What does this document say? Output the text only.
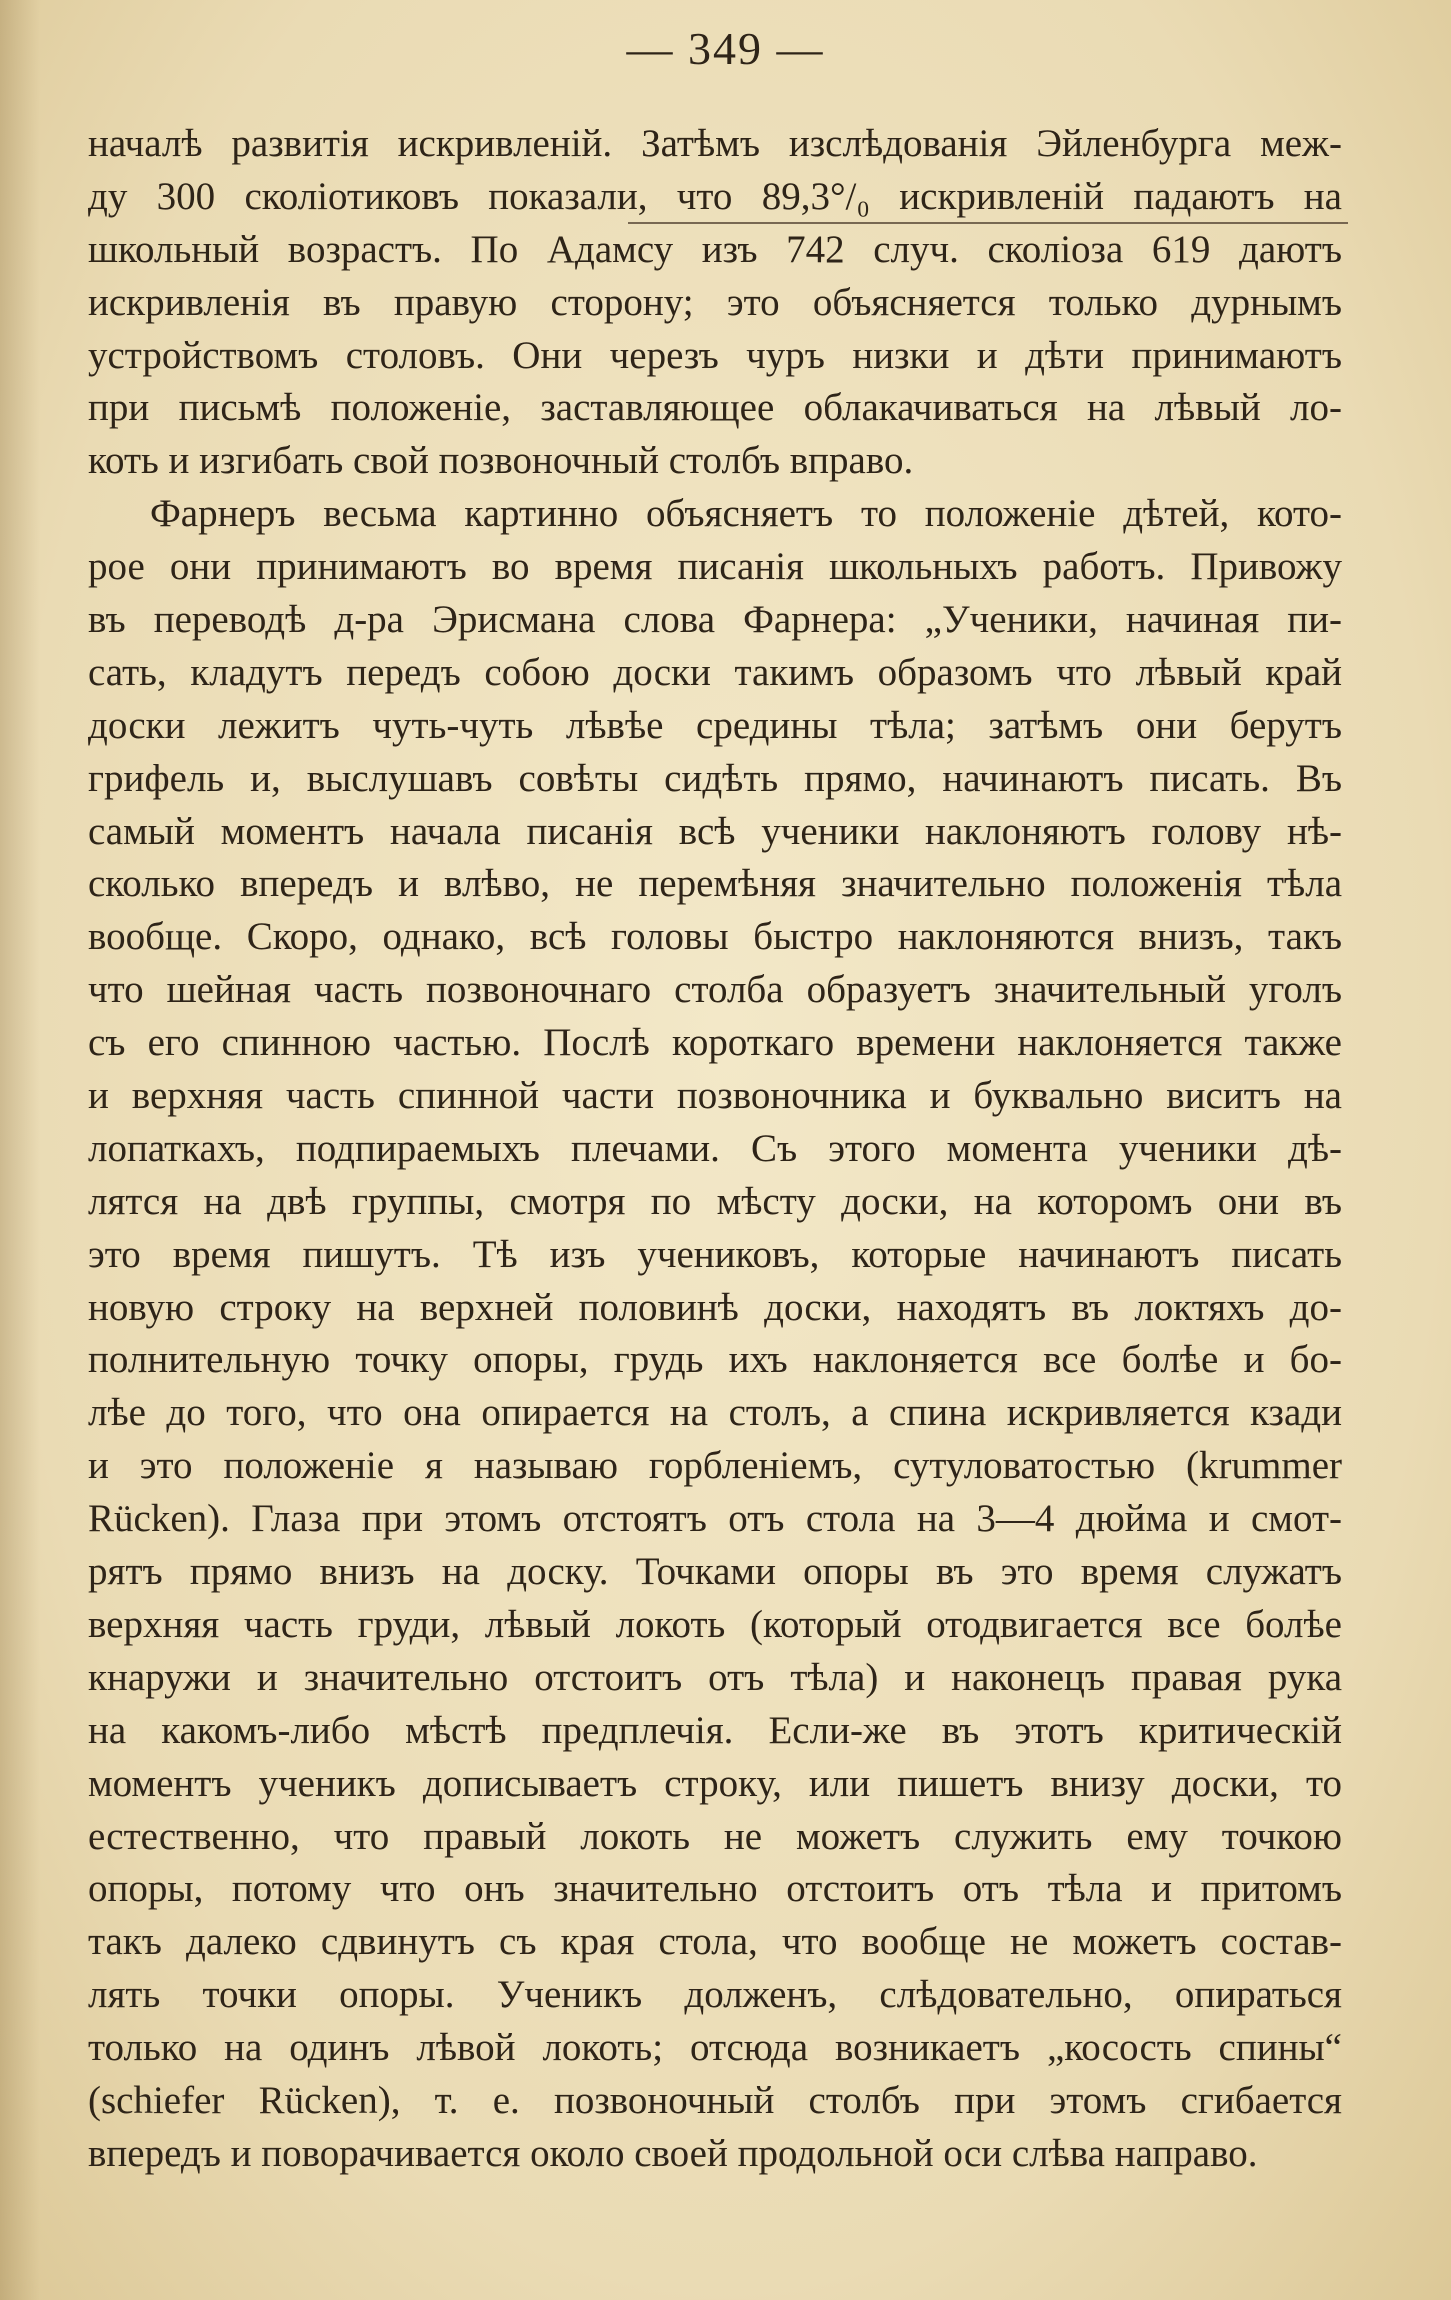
— 349 —
началѣ развитія искривленій. Затѣмъ изслѣдованія Эйленбурга меж-
ду 300 сколіотиковъ показали, что 89,3°/₀ искривленій падаютъ на
школьный возрастъ. По Адамсу изъ 742 случ. сколіоза 619 даютъ
искривленія въ правую сторону; это объясняется только дурнымъ
устройствомъ столовъ. Они черезъ чуръ низки и дѣти принимаютъ
при письмѣ положеніе, заставляющее облакачиваться на лѣвый ло-
коть и изгибать свой позвоночный столбъ вправо.
Фарнеръ весьма картинно объясняетъ то положеніе дѣтей, кото-
рое они принимаютъ во время писанія школьныхъ работъ. Привожу
въ переводѣ д-ра Эрисмана слова Фарнера: „Ученики, начиная пи-
сать, кладутъ передъ собою доски такимъ образомъ что лѣвый край
доски лежитъ чуть-чуть лѣвѣе средины тѣла; затѣмъ они берутъ
грифель и, выслушавъ совѣты сидѣть прямо, начинаютъ писать. Въ
самый моментъ начала писанія всѣ ученики наклоняютъ голову нѣ-
сколько впередъ и влѣво, не перемѣняя значительно положенія тѣла
вообще. Скоро, однако, всѣ головы быстро наклоняются внизъ, такъ
что шейная часть позвоночнаго столба образуетъ значительный уголъ
съ его спинною частью. Послѣ короткаго времени наклоняется также
и верхняя часть спинной части позвоночника и буквально виситъ на
лопаткахъ, подпираемыхъ плечами. Съ этого момента ученики дѣ-
лятся на двѣ группы, смотря по мѣсту доски, на которомъ они въ
это время пишутъ. Тѣ изъ учениковъ, которые начинаютъ писать
новую строку на верхней половинѣ доски, находятъ въ локтяхъ до-
полнительную точку опоры, грудь ихъ наклоняется все болѣе и бо-
лѣе до того, что она опирается на столъ, а спина искривляется кзади
и это положеніе я называю горбленіемъ, сутуловатостью (krummer
Rücken). Глаза при этомъ отстоятъ отъ стола на 3—4 дюйма и смот-
рятъ прямо внизъ на доску. Точками опоры въ это время служатъ
верхняя часть груди, лѣвый локоть (который отодвигается все болѣе
кнаружи и значительно отстоитъ отъ тѣла) и наконецъ правая рука
на какомъ-либо мѣстѣ предплечія. Если-же въ этотъ критическій
моментъ ученикъ дописываетъ строку, или пишетъ внизу доски, то
естественно, что правый локоть не можетъ служить ему точкою
опоры, потому что онъ значительно отстоитъ отъ тѣла и притомъ
такъ далеко сдвинутъ съ края стола, что вообще не можетъ состав-
лять точки опоры. Ученикъ долженъ, слѣдовательно, опираться
только на одинъ лѣвой локоть; отсюда возникаетъ „косость спины“
(schiefer Rücken), т. е. позвоночный столбъ при этомъ сгибается
впередъ и поворачивается около своей продольной оси слѣва направо.
